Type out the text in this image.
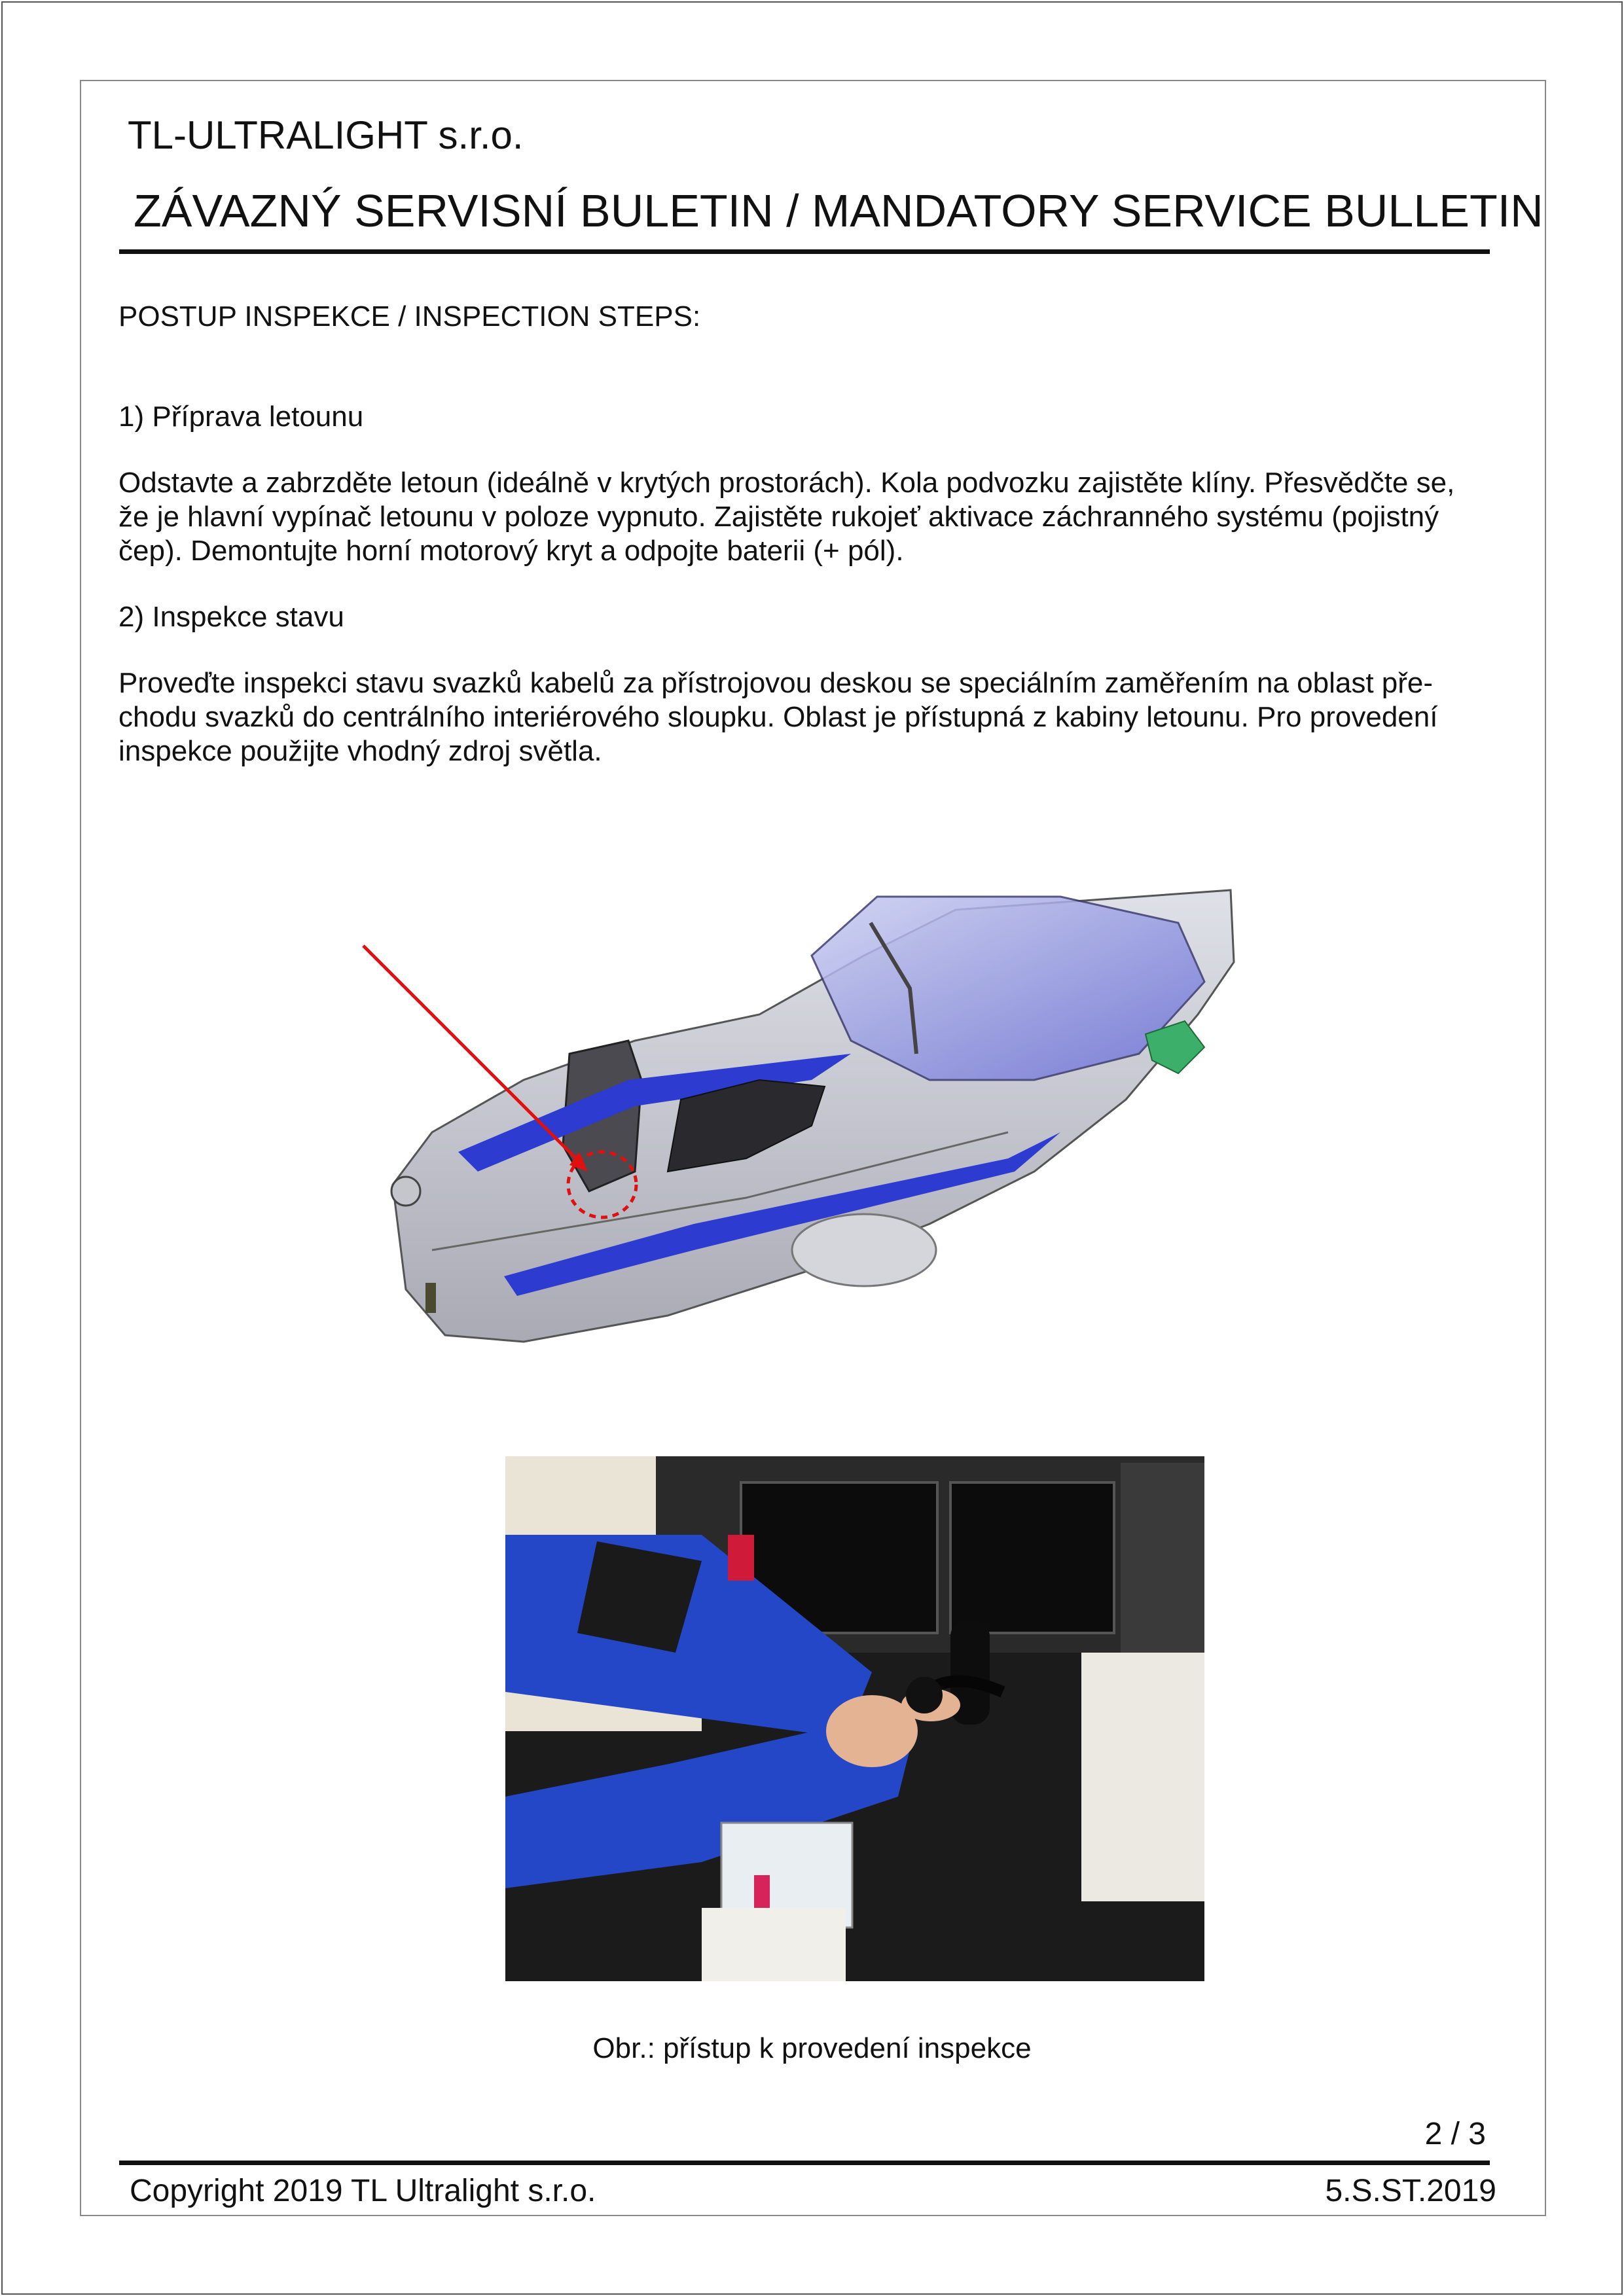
TL-ULTRALIGHT s.r.o.
ZÁVAZNÝ SERVISNÍ BULETIN / MANDATORY SERVICE BULLETIN
POSTUP INSPEKCE / INSPECTION STEPS:
1) Příprava letounu
Odstavte a zabrzděte letoun (ideálně v krytých prostorách). Kola podvozku zajistěte klíny. Přesvědčte se,
že je hlavní vypínač letounu v poloze vypnuto. Zajistěte rukojeť aktivace záchranného systému (pojistný
čep). Demontujte horní motorový kryt a odpojte baterii (+ pól).
2) Inspekce stavu
Proveďte inspekci stavu svazků kabelů za přístrojovou deskou se speciálním zaměřením na oblast pře-
chodu svazků do centrálního interiérového sloupku. Oblast je přístupná z kabiny letounu. Pro provedení
inspekce použijte vhodný zdroj světla.
Obr.: přístup k provedení inspekce
2 / 3
Copyright 2019 TL Ultralight s.r.o.	5.S.ST.2019
